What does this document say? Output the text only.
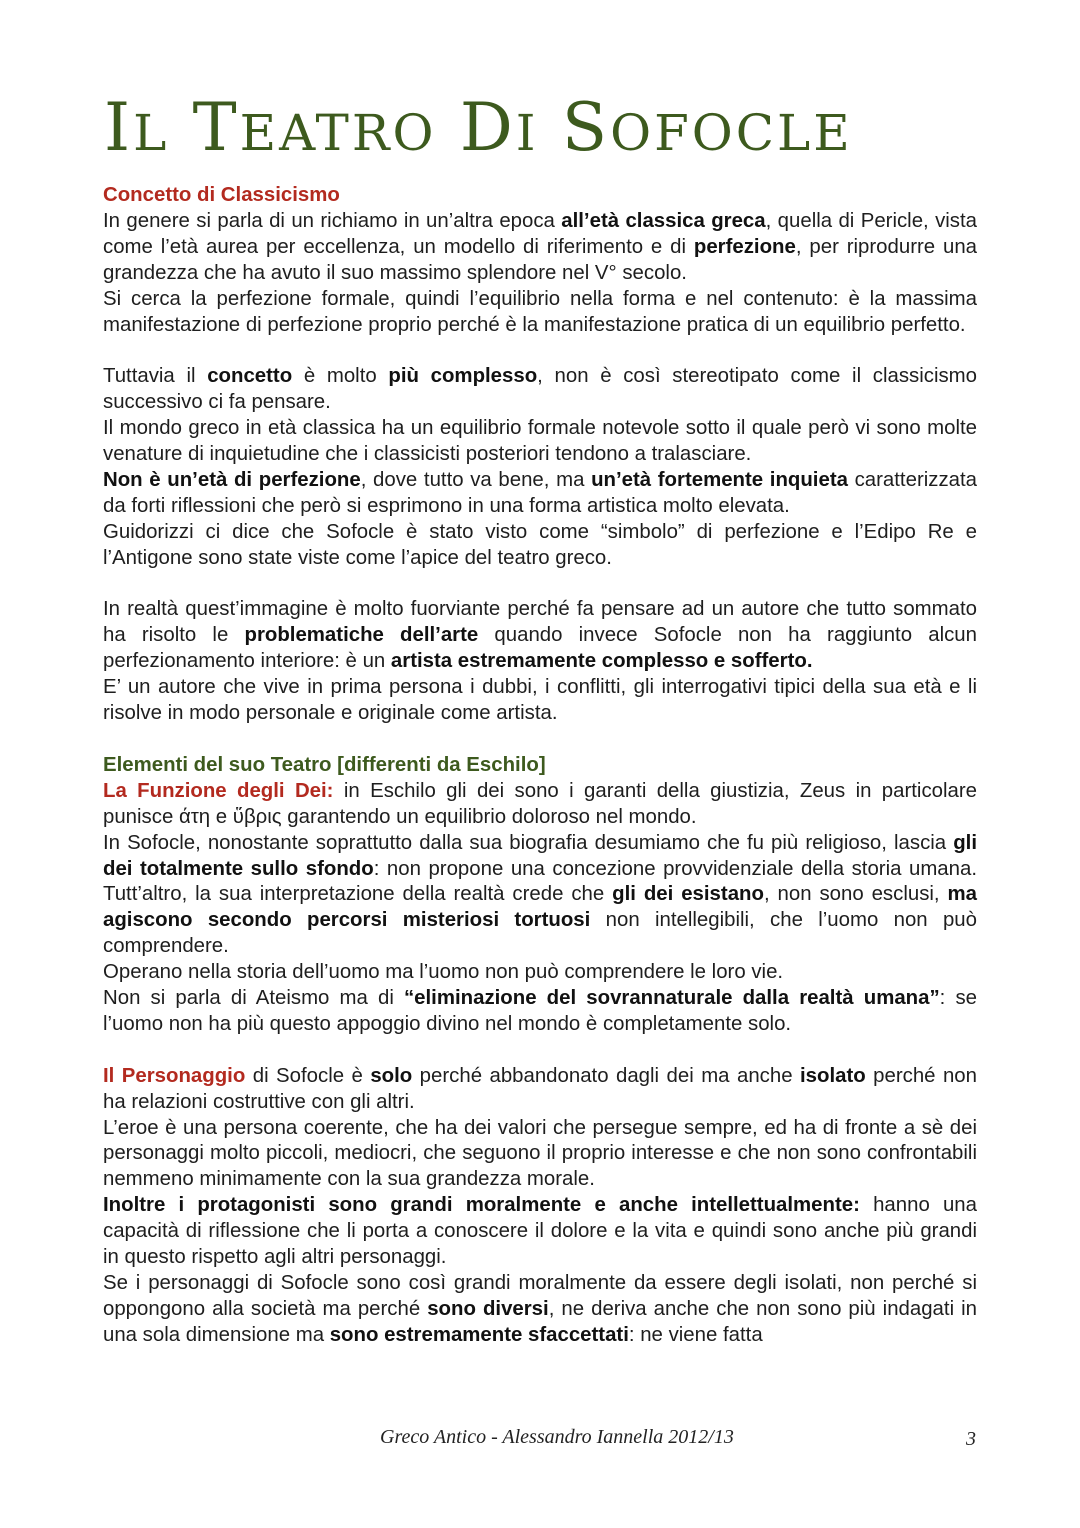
IL TEATRO DI SOFOCLE

Concetto di Classicismo

In genere si parla di un richiamo in un’altra epoca all’età classica greca, quella di Pericle, vista come l’età aurea per eccellenza, un modello di riferimento e di perfezione, per riprodurre una grandezza che ha avuto il suo massimo splendore nel V° secolo.

Si cerca la perfezione formale, quindi l’equilibrio nella forma e nel contenuto: è la massima manifestazione di perfezione proprio perché è la manifestazione pratica di un equilibrio perfetto.

Tuttavia il concetto è molto più complesso, non è così stereotipato come il classicismo successivo ci fa pensare.

Il mondo greco in età classica ha un equilibrio formale notevole sotto il quale però vi sono molte venature di inquietudine che i classicisti posteriori tendono a tralasciare.

Non è un’età di perfezione, dove tutto va bene, ma un’età fortemente inquieta caratterizzata da forti riflessioni che però si esprimono in una forma artistica molto elevata.

Guidorizzi ci dice che Sofocle è stato visto come “simbolo” di perfezione e l’Edipo Re e l’Antigone sono state viste come l’apice del teatro greco.

In realtà quest’immagine è molto fuorviante perché fa pensare ad un autore che tutto sommato ha risolto le problematiche dell’arte quando invece Sofocle non ha raggiunto alcun perfezionamento interiore: è un artista estremamente complesso e sofferto.

E’ un autore che vive in prima persona i dubbi, i conflitti, gli interrogativi tipici della sua età e li risolve in modo personale e originale come artista.

Elementi del suo Teatro [differenti da Eschilo]

La Funzione degli Dei: in Eschilo gli dei sono i garanti della giustizia, Zeus in particolare punisce άτη e ὕβρις garantendo un equilibrio doloroso nel mondo.

In Sofocle, nonostante soprattutto dalla sua biografia desumiamo che fu più religioso, lascia gli dei totalmente sullo sfondo: non propone una concezione provvidenziale della storia umana. Tutt’altro, la sua interpretazione della realtà crede che gli dei esistano, non sono esclusi, ma agiscono secondo percorsi misteriosi tortuosi non intellegibili, che l’uomo non può comprendere.

Operano nella storia dell’uomo ma l’uomo non può comprendere le loro vie.

Non si parla di Ateismo ma di “eliminazione del sovrannaturale dalla realtà umana”: se l’uomo non ha più questo appoggio divino nel mondo è completamente solo.

Il Personaggio di Sofocle è solo perché abbandonato dagli dei ma anche isolato perché non ha relazioni costruttive con gli altri.

L’eroe è una persona coerente, che ha dei valori che persegue sempre, ed ha di fronte a sè dei personaggi molto piccoli, mediocri, che seguono il proprio interesse e che non sono confrontabili nemmeno minimamente con la sua grandezza morale.

Inoltre i protagonisti sono grandi moralmente e anche intellettualmente: hanno una capacità di riflessione che li porta a conoscere il dolore e la vita e quindi sono anche più grandi in questo rispetto agli altri personaggi.

Se i personaggi di Sofocle sono così grandi moralmente da essere degli isolati, non perché si oppongono alla società ma perché sono diversi, ne deriva anche che non sono più indagati in una sola dimensione ma sono estremamente sfaccettati: ne viene fatta

Greco Antico - Alessandro Iannella 2012/13	3
